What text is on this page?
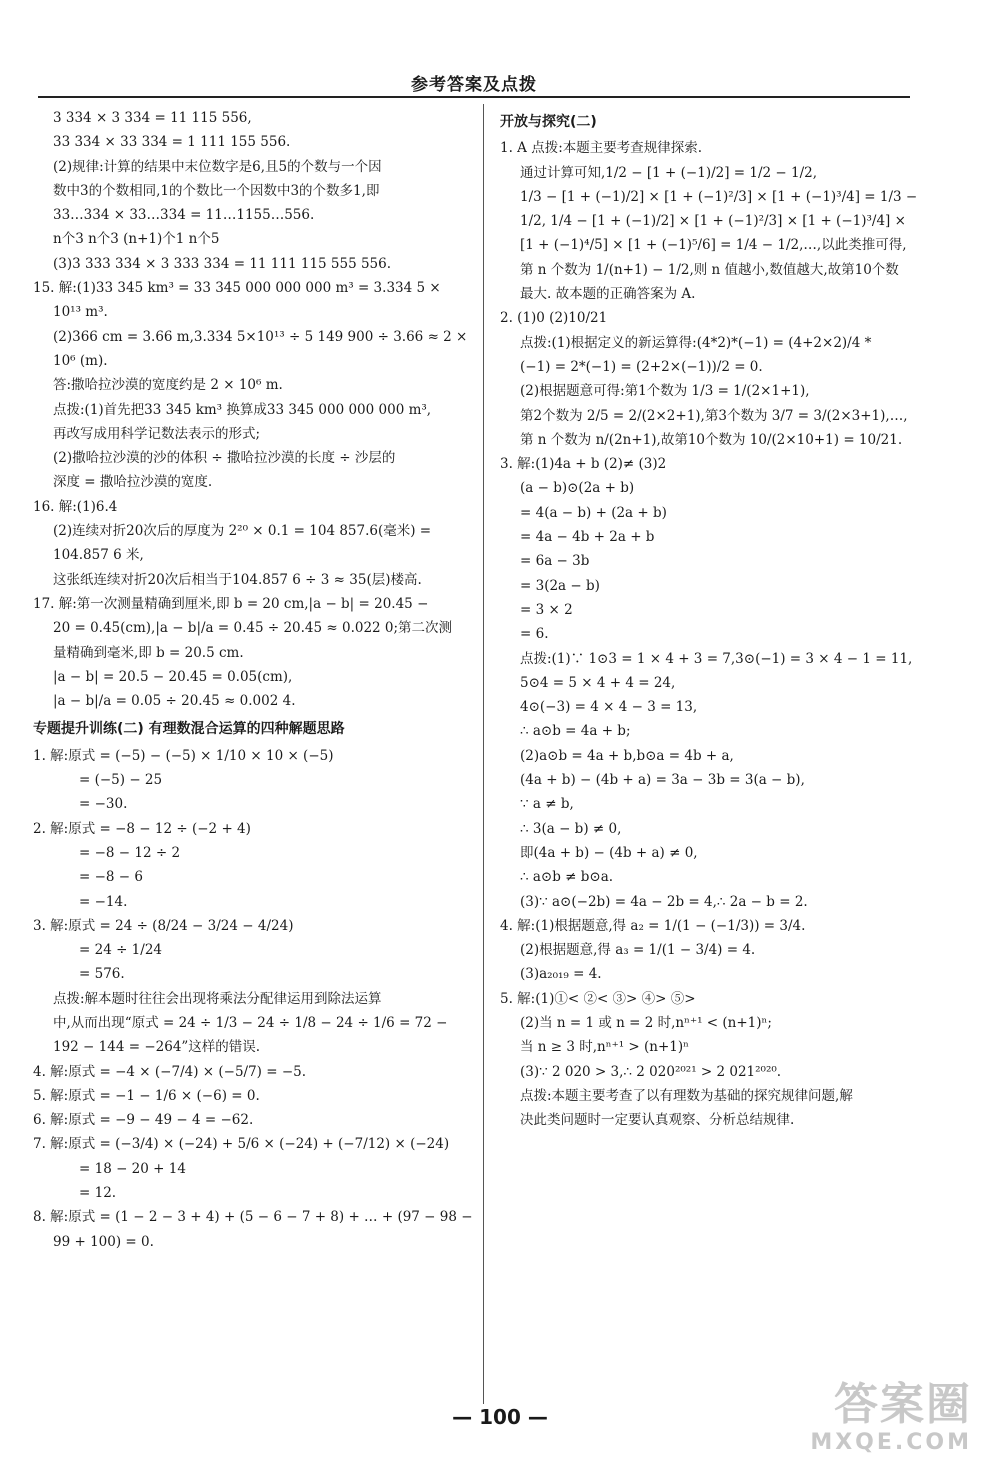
参考答案及点拨
3 334 × 3 334 = 11 115 556,
33 334 × 33 334 = 1 111 155 556.
(2)规律:计算的结果中末位数字是6,且5的个数与一个因
数中3的个数相同,1的个数比一个因数中3的个数多1,即
33…334 × 33…334 = 11…1155…556.
n个3 n个3 (n+1)个1 n个5
(3)3 333 334 × 3 333 334 = 11 111 115 555 556.
15. 解:(1)33 345 km³ = 33 345 000 000 000 m³ = 3.334 5 ×
10¹³ m³.
(2)366 cm = 3.66 m,3.334 5×10¹³ ÷ 5 149 900 ÷ 3.66 ≈ 2 ×
10⁶ (m).
答:撒哈拉沙漠的宽度约是 2 × 10⁶ m.
点拨:(1)首先把33 345 km³ 换算成33 345 000 000 000 m³,
再改写成用科学记数法表示的形式;
(2)撒哈拉沙漠的沙的体积 ÷ 撒哈拉沙漠的长度 ÷ 沙层的
深度 = 撒哈拉沙漠的宽度.
16. 解:(1)6.4
(2)连续对折20次后的厚度为 2²⁰ × 0.1 = 104 857.6(毫米) =
104.857 6 米,
这张纸连续对折20次后相当于104.857 6 ÷ 3 ≈ 35(层)楼高.
17. 解:第一次测量精确到厘米,即 b = 20 cm,|a − b| = 20.45 −
20 = 0.45(cm),|a − b|/a = 0.45 ÷ 20.45 ≈ 0.022 0;第二次测
量精确到毫米,即 b = 20.5 cm.
|a − b| = 20.5 − 20.45 = 0.05(cm),
|a − b|/a = 0.05 ÷ 20.45 ≈ 0.002 4.
专题提升训练(二) 有理数混合运算的四种解题思路
1. 解:原式 = (−5) − (−5) × 1/10 × 10 × (−5)
= (−5) − 25
= −30.
2. 解:原式 = −8 − 12 ÷ (−2 + 4)
= −8 − 12 ÷ 2
= −8 − 6
= −14.
3. 解:原式 = 24 ÷ (8/24 − 3/24 − 4/24)
= 24 ÷ 1/24
= 576.
点拨:解本题时往往会出现将乘法分配律运用到除法运算
中,从而出现“原式 = 24 ÷ 1/3 − 24 ÷ 1/8 − 24 ÷ 1/6 = 72 −
192 − 144 = −264”这样的错误.
4. 解:原式 = −4 × (−7/4) × (−5/7) = −5.
5. 解:原式 = −1 − 1/6 × (−6) = 0.
6. 解:原式 = −9 − 49 − 4 = −62.
7. 解:原式 = (−3/4) × (−24) + 5/6 × (−24) + (−7/12) × (−24)
= 18 − 20 + 14
= 12.
8. 解:原式 = (1 − 2 − 3 + 4) + (5 − 6 − 7 + 8) + … + (97 − 98 −
99 + 100) = 0.
开放与探究(二)
1. A 点拨:本题主要考查规律探索.
通过计算可知,1/2 − [1 + (−1)/2] = 1/2 − 1/2,
1/3 − [1 + (−1)/2] × [1 + (−1)²/3] × [1 + (−1)³/4] = 1/3 −
1/2, 1/4 − [1 + (−1)/2] × [1 + (−1)²/3] × [1 + (−1)³/4] ×
[1 + (−1)⁴/5] × [1 + (−1)⁵/6] = 1/4 − 1/2,…,以此类推可得,
第 n 个数为 1/(n+1) − 1/2,则 n 值越小,数值越大,故第10个数
最大. 故本题的正确答案为 A.
2. (1)0 (2)10/21
点拨:(1)根据定义的新运算得:(4*2)*(−1) = (4+2×2)/4 *
(−1) = 2*(−1) = (2+2×(−1))/2 = 0.
(2)根据题意可得:第1个数为 1/3 = 1/(2×1+1),
第2个数为 2/5 = 2/(2×2+1),第3个数为 3/7 = 3/(2×3+1),…,
第 n 个数为 n/(2n+1),故第10个数为 10/(2×10+1) = 10/21.
3. 解:(1)4a + b (2)≠ (3)2
(a − b)⊙(2a + b)
= 4(a − b) + (2a + b)
= 4a − 4b + 2a + b
= 6a − 3b
= 3(2a − b)
= 3 × 2
= 6.
点拨:(1)∵ 1⊙3 = 1 × 4 + 3 = 7,3⊙(−1) = 3 × 4 − 1 = 11,
5⊙4 = 5 × 4 + 4 = 24,
4⊙(−3) = 4 × 4 − 3 = 13,
∴ a⊙b = 4a + b;
(2)a⊙b = 4a + b,b⊙a = 4b + a,
(4a + b) − (4b + a) = 3a − 3b = 3(a − b),
∵ a ≠ b,
∴ 3(a − b) ≠ 0,
即(4a + b) − (4b + a) ≠ 0,
∴ a⊙b ≠ b⊙a.
(3)∵ a⊙(−2b) = 4a − 2b = 4,∴ 2a − b = 2.
4. 解:(1)根据题意,得 a₂ = 1/(1 − (−1/3)) = 3/4.
(2)根据题意,得 a₃ = 1/(1 − 3/4) = 4.
(3)a₂₀₁₉ = 4.
5. 解:(1)①< ②< ③> ④> ⑤>
(2)当 n = 1 或 n = 2 时,nⁿ⁺¹ < (n+1)ⁿ;
当 n ≥ 3 时,nⁿ⁺¹ > (n+1)ⁿ
(3)∵ 2 020 > 3,∴ 2 020²⁰²¹ > 2 021²⁰²⁰.
点拨:本题主要考查了以有理数为基础的探究规律问题,解
决此类问题时一定要认真观察、分析总结规律.
— 100 —	答案圈
MXQE.COM
